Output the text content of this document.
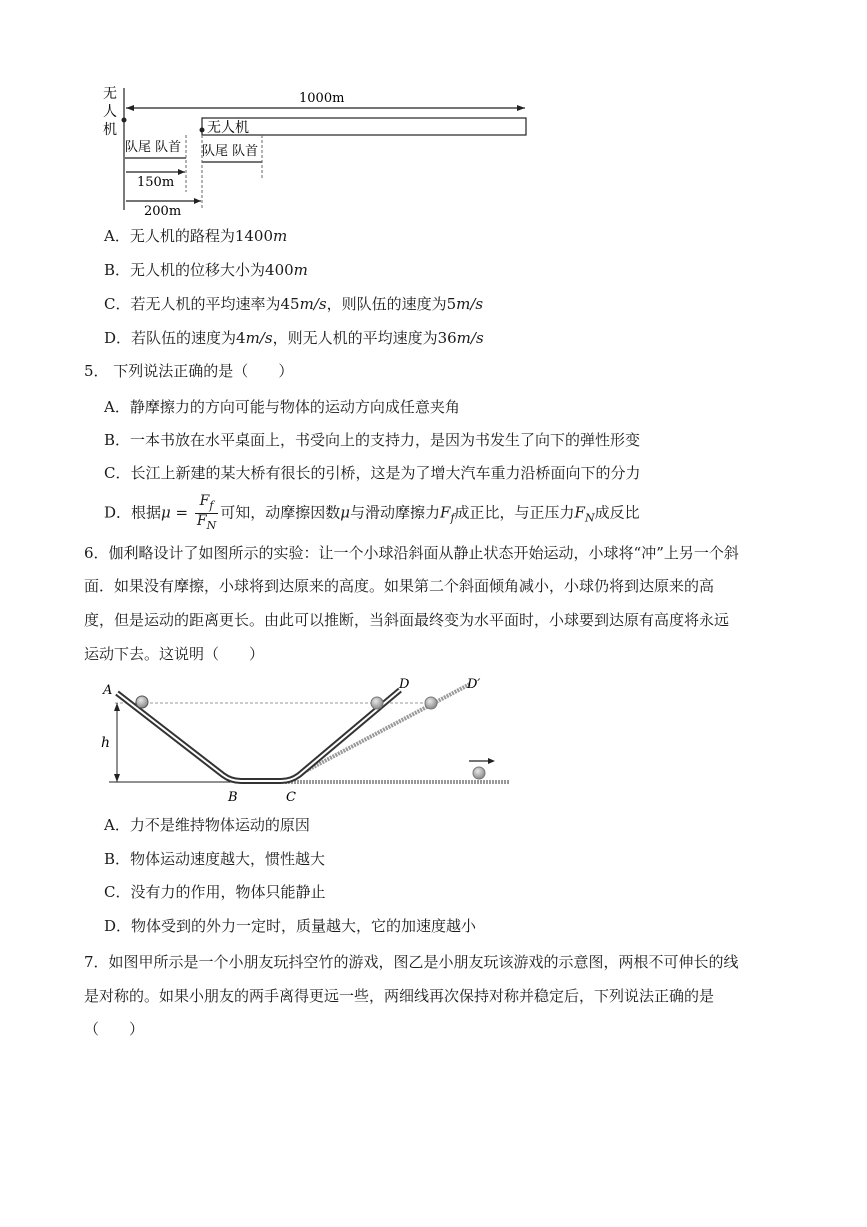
无
人
机
1000m
无人机
队尾 队首 队尾 队首
150m
200m
A．无人机的路程为1400m
B．无人机的位移大小为400m
C．若无人机的平均速率为45m/s，则队伍的速度为5m/s
D．若队伍的速度为4m/s，则无人机的平均速度为36m/s
5． 下列说法正确的是（　　）
A．静摩擦力的方向可能与物体的运动方向成任意夹角
B．一本书放在水平桌面上，书受向上的支持力，是因为书发生了向下的弹性形变
C．长江上新建的某大桥有很长的引桥，这是为了增大汽车重力沿桥面向下的分力
D．根据$\mu = \frac{F_f}{F_N}$ 可知，动摩擦因数μ与滑动摩擦力$F_f$成正比，与正压力$F_N$成反比
6．伽利略设计了如图所示的实验：让一个小球沿斜面从静止状态开始运动，小球将“冲”上另一个斜
面．如果没有摩擦，小球将到达原来的高度。如果第二个斜面倾角减小，小球仍将到达原来的高
度，但是运动的距离更长。由此可以推断，当斜面最终变为水平面时，小球要到达原有高度将永远
运动下去。这说明（　　）
h
A
B	C
D	D′
A．力不是维持物体运动的原因
B．物体运动速度越大，惯性越大
C．没有力的作用，物体只能静止
D．物体受到的外力一定时，质量越大，它的加速度越小
7．如图甲所示是一个小朋友玩抖空竹的游戏，图乙是小朋友玩该游戏的示意图，两根不可伸长的线
是对称的。如果小朋友的两手离得更远一些，两细线再次保持对称并稳定后，下列说法正确的是
（　　）
